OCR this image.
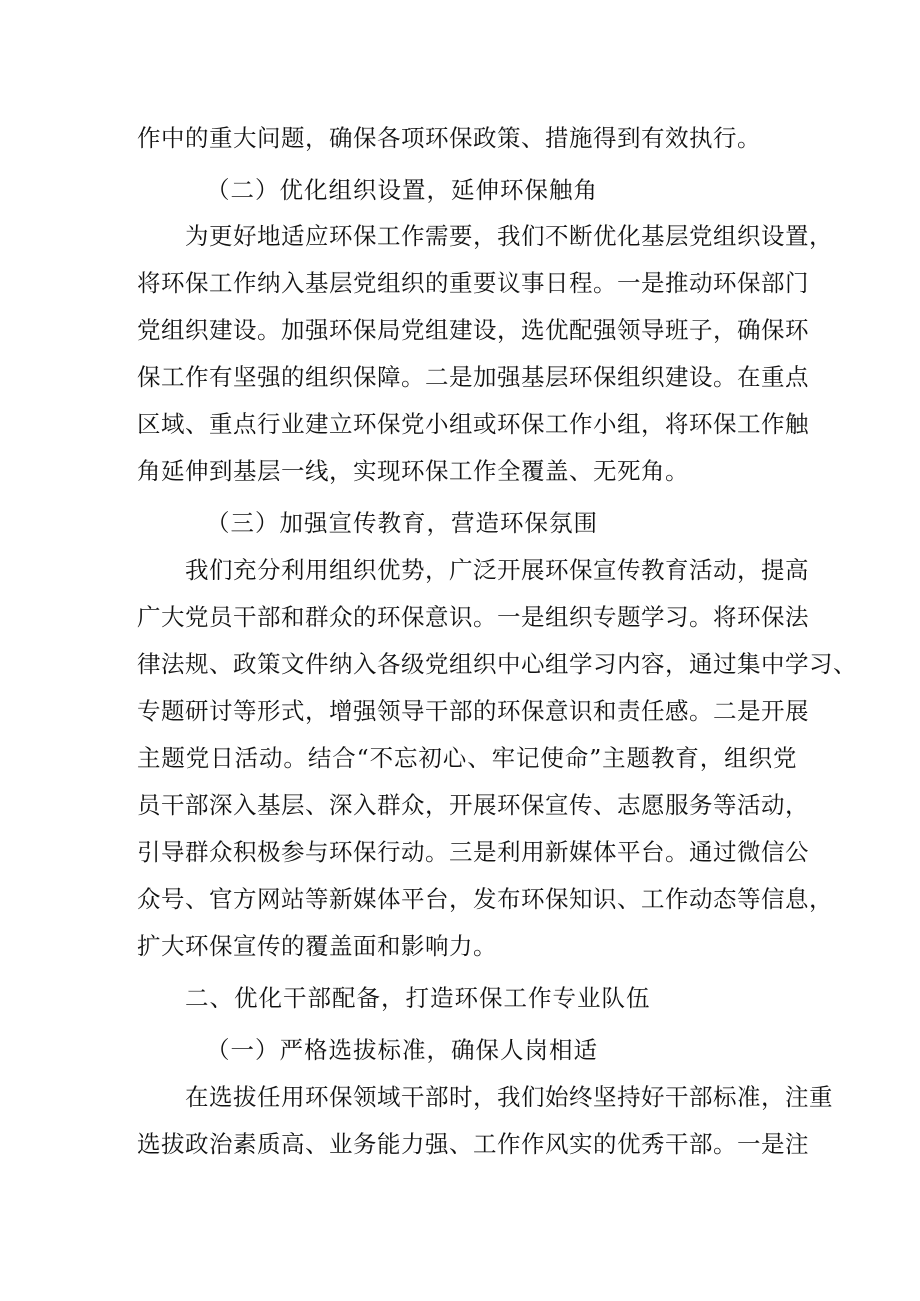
作中的重大问题，确保各项环保政策、措施得到有效执行。
（二）优化组织设置，延伸环保触角
为更好地适应环保工作需要，我们不断优化基层党组织设置，
将环保工作纳入基层党组织的重要议事日程。一是推动环保部门
党组织建设。加强环保局党组建设，选优配强领导班子，确保环
保工作有坚强的组织保障。二是加强基层环保组织建设。在重点
区域、重点行业建立环保党小组或环保工作小组，将环保工作触
角延伸到基层一线，实现环保工作全覆盖、无死角。
（三）加强宣传教育，营造环保氛围
我们充分利用组织优势，广泛开展环保宣传教育活动，提高
广大党员干部和群众的环保意识。一是组织专题学习。将环保法
律法规、政策文件纳入各级党组织中心组学习内容，通过集中学习、
专题研讨等形式，增强领导干部的环保意识和责任感。二是开展
主题党日活动。结合“不忘初心、牢记使命”主题教育，组织党
员干部深入基层、深入群众，开展环保宣传、志愿服务等活动，
引导群众积极参与环保行动。三是利用新媒体平台。通过微信公
众号、官方网站等新媒体平台，发布环保知识、工作动态等信息，
扩大环保宣传的覆盖面和影响力。
二、优化干部配备，打造环保工作专业队伍
（一）严格选拔标准，确保人岗相适
在选拔任用环保领域干部时，我们始终坚持好干部标准，注重
选拔政治素质高、业务能力强、工作作风实的优秀干部。一是注
